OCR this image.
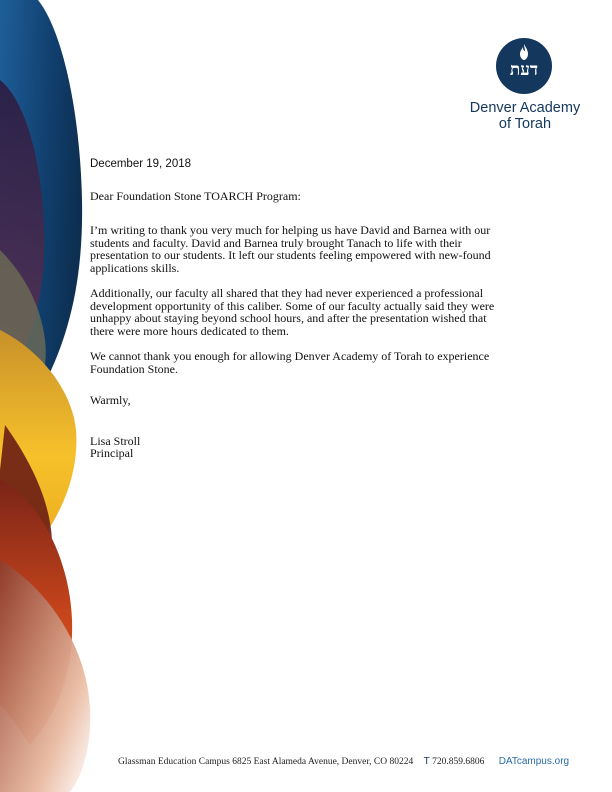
דעת
Denver Academy
of Torah

December 19, 2018

Dear Foundation Stone TOARCH Program:

I’m writing to thank you very much for helping us have David and Barnea with our students and faculty. David and Barnea truly brought Tanach to life with their presentation to our students. It left our students feeling empowered with new-found applications skills.

Additionally, our faculty all shared that they had never experienced a professional development opportunity of this caliber. Some of our faculty actually said they were unhappy about staying beyond school hours, and after the presentation wished that there were more hours dedicated to them.

We cannot thank you enough for allowing Denver Academy of Torah to experience Foundation Stone.

Warmly,

Lisa Stroll

Principal

Glassman Education Campus 6825 East Alameda Avenue, Denver, CO 80224 T 720.859.6806 DATcampus.org
